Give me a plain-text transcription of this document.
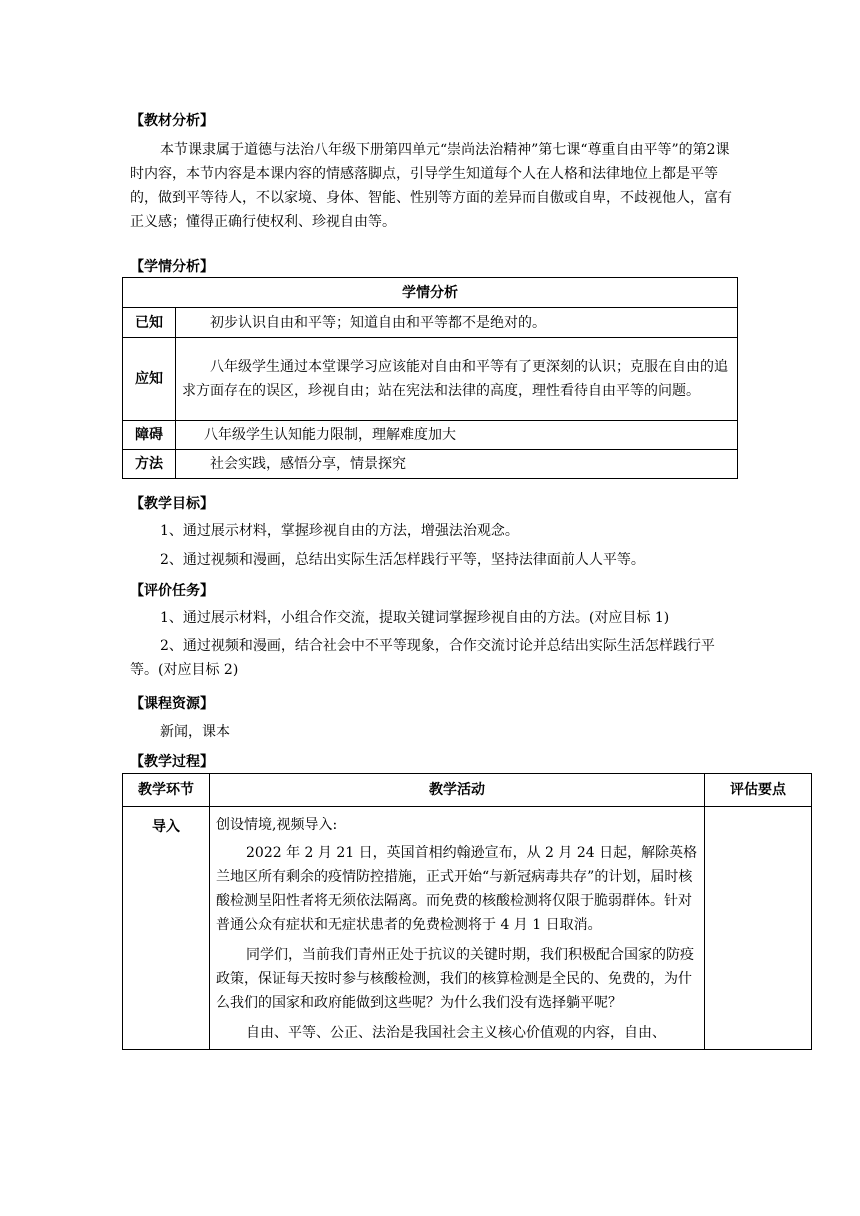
【教材分析】

本节课隶属于道德与法治八年级下册第四单元“崇尚法治精神”第七课“尊重自由平等”的第2课时内容，本节内容是本课内容的情感落脚点，引导学生知道每个人在人格和法律地位上都是平等的，做到平等待人，不以家境、身体、智能、性别等方面的差异而自傲或自卑，不歧视他人，富有正义感；懂得正确行使权利、珍视自由等。

【学情分析】
学情分析	
已知	初步认识自由和平等；知道自由和平等都不是绝对的。
应知	八年级学生通过本堂课学习应该能对自由和平等有了更深刻的认识；克服在自由的追求方面存在的误区，珍视自由；站在宪法和法律的高度，理性看待自由平等的问题。
障碍	八年级学生认知能力限制，理解难度加大
方法	社会实践，感悟分享，情景探究
【教学目标】
1、通过展示材料，掌握珍视自由的方法，增强法治观念。
2、通过视频和漫画，总结出实际生活怎样践行平等，坚持法律面前人人平等。
【评价任务】
1、通过展示材料，小组合作交流，提取关键词掌握珍视自由的方法。(对应目标 1)

2、通过视频和漫画，结合社会中不平等现象，合作交流讨论并总结出实际生活怎样践行平等。(对应目标 2)

【课程资源】
新闻，课本
【教学过程】
教学环节	教学活动	评估要点
导入	创设情境,视频导入:

2022 年 2 月 21 日，英国首相约翰逊宣布，从 2 月 24 日起，解除英格兰地区所有剩余的疫情防控措施，正式开始“与新冠病毒共存”的计划，届时核酸检测呈阳性者将无须依法隔离。而免费的核酸检测将仅限于脆弱群体。针对普通公众有症状和无症状患者的免费检测将于 4 月 1 日取消。

同学们，当前我们青州正处于抗议的关键时期，我们积极配合国家的防疫政策，保证每天按时参与核酸检测，我们的核算检测是全民的、免费的，为什么我们的国家和政府能做到这些呢？为什么我们没有选择躺平呢？

自由、平等、公正、法治是我国社会主义核心价值观的内容，自由、	
